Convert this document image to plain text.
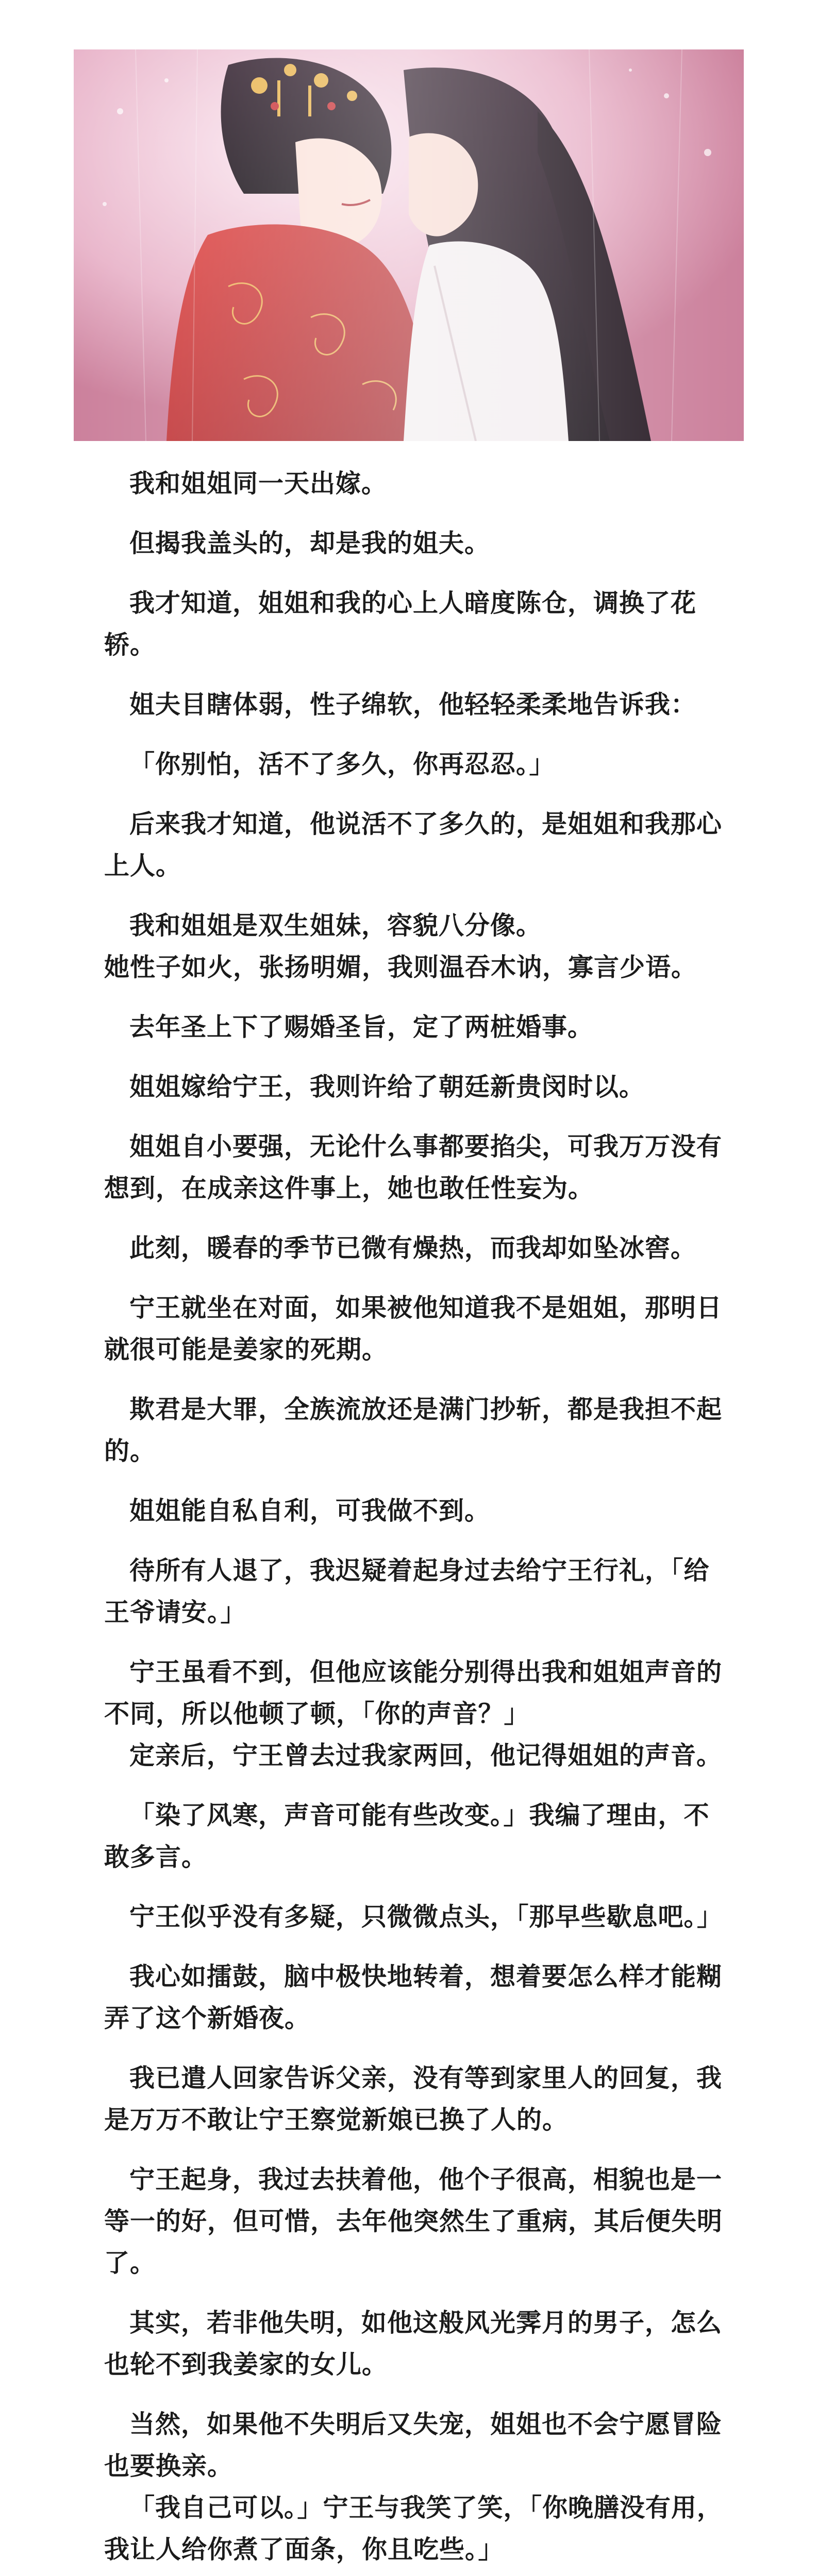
我和姐姐同一天出嫁。

但揭我盖头的，却是我的姐夫。

我才知道，姐姐和我的心上人暗度陈仓，调换了花轿。

姐夫目瞎体弱，性子绵软，他轻轻柔柔地告诉我：

「你别怕，活不了多久，你再忍忍。」

后来我才知道，他说活不了多久的，是姐姐和我那心上人。

我和姐姐是双生姐妹，容貌八分像。

她性子如火，张扬明媚，我则温吞木讷，寡言少语。

去年圣上下了赐婚圣旨，定了两桩婚事。

姐姐嫁给宁王，我则许给了朝廷新贵闵时以。

姐姐自小要强，无论什么事都要掐尖，可我万万没有想到，在成亲这件事上，她也敢任性妄为。

此刻，暖春的季节已微有燥热，而我却如坠冰窖。

宁王就坐在对面，如果被他知道我不是姐姐，那明日就很可能是姜家的死期。

欺君是大罪，全族流放还是满门抄斩，都是我担不起的。

姐姐能自私自利，可我做不到。

待所有人退了，我迟疑着起身过去给宁王行礼，「给王爷请安。」

宁王虽看不到，但他应该能分别得出我和姐姐声音的不同，所以他顿了顿，「你的声音？」

定亲后，宁王曾去过我家两回，他记得姐姐的声音。

「染了风寒，声音可能有些改变。」我编了理由，不敢多言。

宁王似乎没有多疑，只微微点头，「那早些歇息吧。」

我心如擂鼓，脑中极快地转着，想着要怎么样才能糊弄了这个新婚夜。

我已遣人回家告诉父亲，没有等到家里人的回复，我是万万不敢让宁王察觉新娘已换了人的。

宁王起身，我过去扶着他，他个子很高，相貌也是一等一的好，但可惜，去年他突然生了重病，其后便失明了。

其实，若非他失明，如他这般风光霁月的男子，怎么也轮不到我姜家的女儿。

当然，如果他不失明后又失宠，姐姐也不会宁愿冒险也要换亲。

「我自己可以。」宁王与我笑了笑，「你晚膳没有用，我让人给你煮了面条，你且吃些。」
